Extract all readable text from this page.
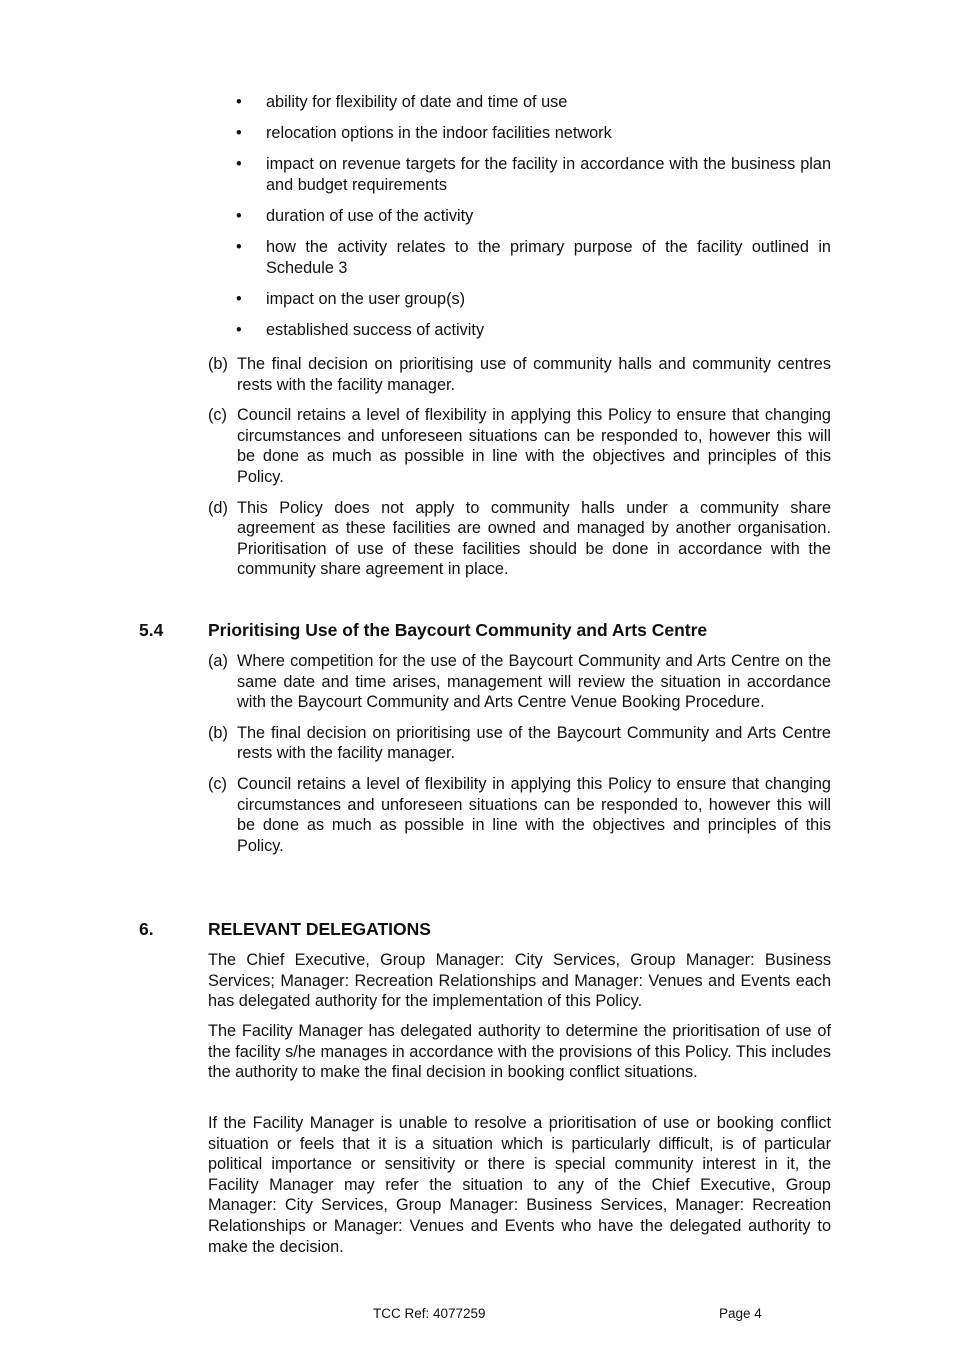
• ability for flexibility of date and time of use
• relocation options in the indoor facilities network
• impact on revenue targets for the facility in accordance with the business plan and budget requirements
• duration of use of the activity
• how the activity relates to the primary purpose of the facility outlined in Schedule 3
• impact on the user group(s)
• established success of activity
(b) The final decision on prioritising use of community halls and community centres rests with the facility manager.
(c) Council retains a level of flexibility in applying this Policy to ensure that changing circumstances and unforeseen situations can be responded to, however this will be done as much as possible in line with the objectives and principles of this Policy.
(d) This Policy does not apply to community halls under a community share agreement as these facilities are owned and managed by another organisation. Prioritisation of use of these facilities should be done in accordance with the community share agreement in place.
5.4	Prioritising Use of the Baycourt Community and Arts Centre
(a) Where competition for the use of the Baycourt Community and Arts Centre on the same date and time arises, management will review the situation in accordance with the Baycourt Community and Arts Centre Venue Booking Procedure.
(b) The final decision on prioritising use of the Baycourt Community and Arts Centre rests with the facility manager.
(c) Council retains a level of flexibility in applying this Policy to ensure that changing circumstances and unforeseen situations can be responded to, however this will be done as much as possible in line with the objectives and principles of this Policy.
6.	RELEVANT DELEGATIONS

The Chief Executive, Group Manager: City Services, Group Manager: Business Services; Manager: Recreation Relationships and Manager: Venues and Events each has delegated authority for the implementation of this Policy.

The Facility Manager has delegated authority to determine the prioritisation of use of the facility s/he manages in accordance with the provisions of this Policy. This includes the authority to make the final decision in booking conflict situations.

If the Facility Manager is unable to resolve a prioritisation of use or booking conflict situation or feels that it is a situation which is particularly difficult, is of particular political importance or sensitivity or there is special community interest in it, the Facility Manager may refer the situation to any of the Chief Executive, Group Manager: City Services, Group Manager: Business Services, Manager: Recreation Relationships or Manager: Venues and Events who have the delegated authority to make the decision.

TCC Ref: 4077259	Page 4
